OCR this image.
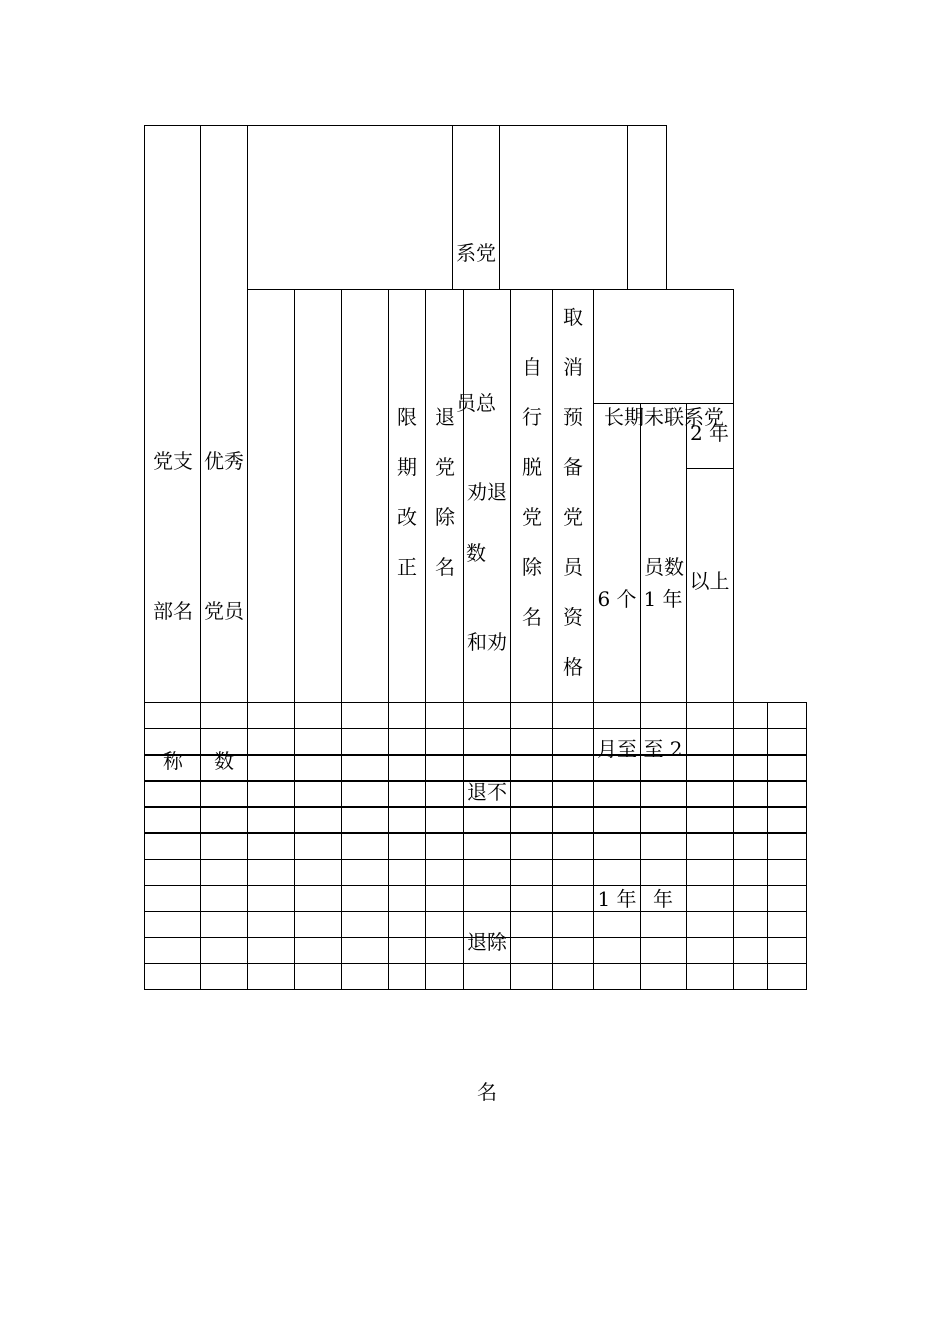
党支

部名

称

优秀

党员

数

系党

员总

数

限
期
改
正
退
党
除
名

劝退

和劝

退不

退除

名

自
行
脱
党
除
名
取
消
预
备
党
员
资
格

长期未联系党

员数

6 个

月至

1 年

1 年

至 2

年

2 年
以上
